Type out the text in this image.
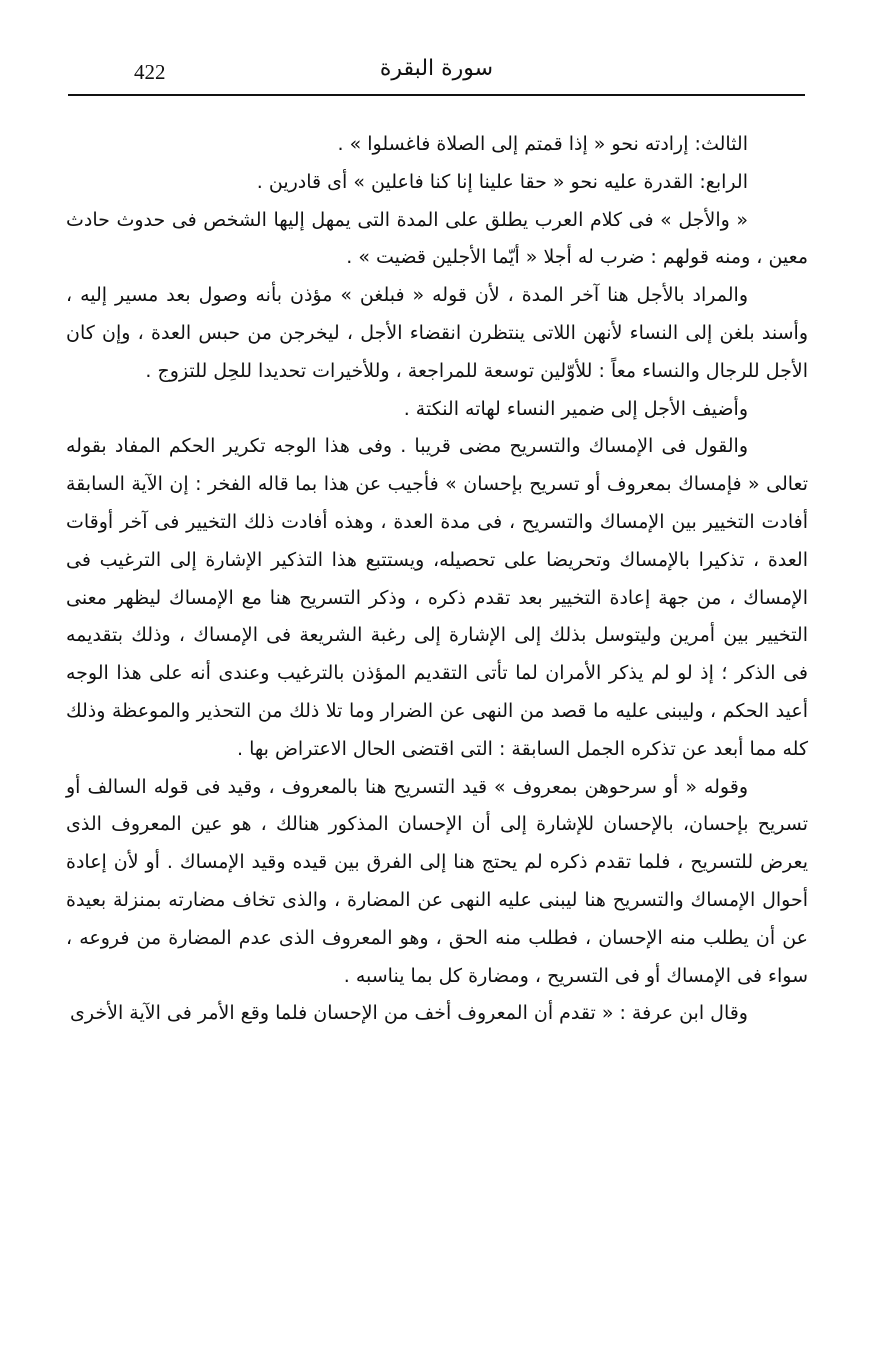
422	سورة البقرة

الثالث: إرادته نحو « إذا قمتم إلى الصلاة فاغسلوا » .

الرابع: القدرة عليه نحو « حقا علينا إنا كنا فاعلين » أى قادرين .

« والأجل » فى كلام العرب يطلق على المدة التى يمهل إليها الشخص فى حدوث حادث معين ، ومنه قولهم : ضرب له أجلا « أيّما الأجلين قضيت » .

والمراد بالأجل هنا آخر المدة ، لأن قوله « فبلغن » مؤذن بأنه وصول بعد مسير إليه ، وأسند بلغن إلى النساء لأنهن اللاتى ينتظرن انقضاء الأجل ، ليخرجن من حبس العدة ، وإن كان الأجل للرجال والنساء معاً : للأوّلين توسعة للمراجعة ، وللأخيرات تحديدا للحِل للتزوج .

وأضيف الأجل إلى ضمير النساء لهاته النكتة .

والقول فى الإمساك والتسريح مضى قريبا . وفى هذا الوجه تكرير الحكم المفاد بقوله تعالى « فإمساك بمعروف أو تسريح بإحسان » فأجيب عن هذا بما قاله الفخر : إن الآية السابقة أفادت التخيير بين الإمساك والتسريح ، فى مدة العدة ، وهذه أفادت ذلك التخيير فى آخر أوقات العدة ، تذكيرا بالإمساك وتحريضا على تحصيله، ويستتبع هذا التذكير الإشارة إلى الترغيب فى الإمساك ، من جهة إعادة التخيير بعد تقدم ذكره ، وذكر التسريح هنا مع الإمساك ليظهر معنى التخيير بين أمرين وليتوسل بذلك إلى الإشارة إلى رغبة الشريعة فى الإمساك ، وذلك بتقديمه فى الذكر ؛ إذ لو لم يذكر الأمران لما تأتى التقديم المؤذن بالترغيب وعندى أنه على هذا الوجه أعيد الحكم ، وليبنى عليه ما قصد من النهى عن الضرار وما تلا ذلك من التحذير والموعظة وذلك كله مما أبعد عن تذكره الجمل السابقة : التى اقتضى الحال الاعتراض بها .

وقوله « أو سرحوهن بمعروف » قيد التسريح هنا بالمعروف ، وقيد فى قوله السالف أو تسريح بإحسان، بالإحسان للإشارة إلى أن الإحسان المذكور هنالك ، هو عين المعروف الذى يعرض للتسريح ، فلما تقدم ذكره لم يحتج هنا إلى الفرق بين قيده وقيد الإمساك . أو لأن إعادة أحوال الإمساك والتسريح هنا ليبنى عليه النهى عن المضارة ، والذى تخاف مضارته بمنزلة بعيدة عن أن يطلب منه الإحسان ، فطلب منه الحق ، وهو المعروف الذى عدم المضارة من فروعه ، سواء فى الإمساك أو فى التسريح ، ومضارة كل بما يناسبه .

وقال ابن عرفة : « تقدم أن المعروف أخف من الإحسان فلما وقع الأمر فى الآية الأخرى
